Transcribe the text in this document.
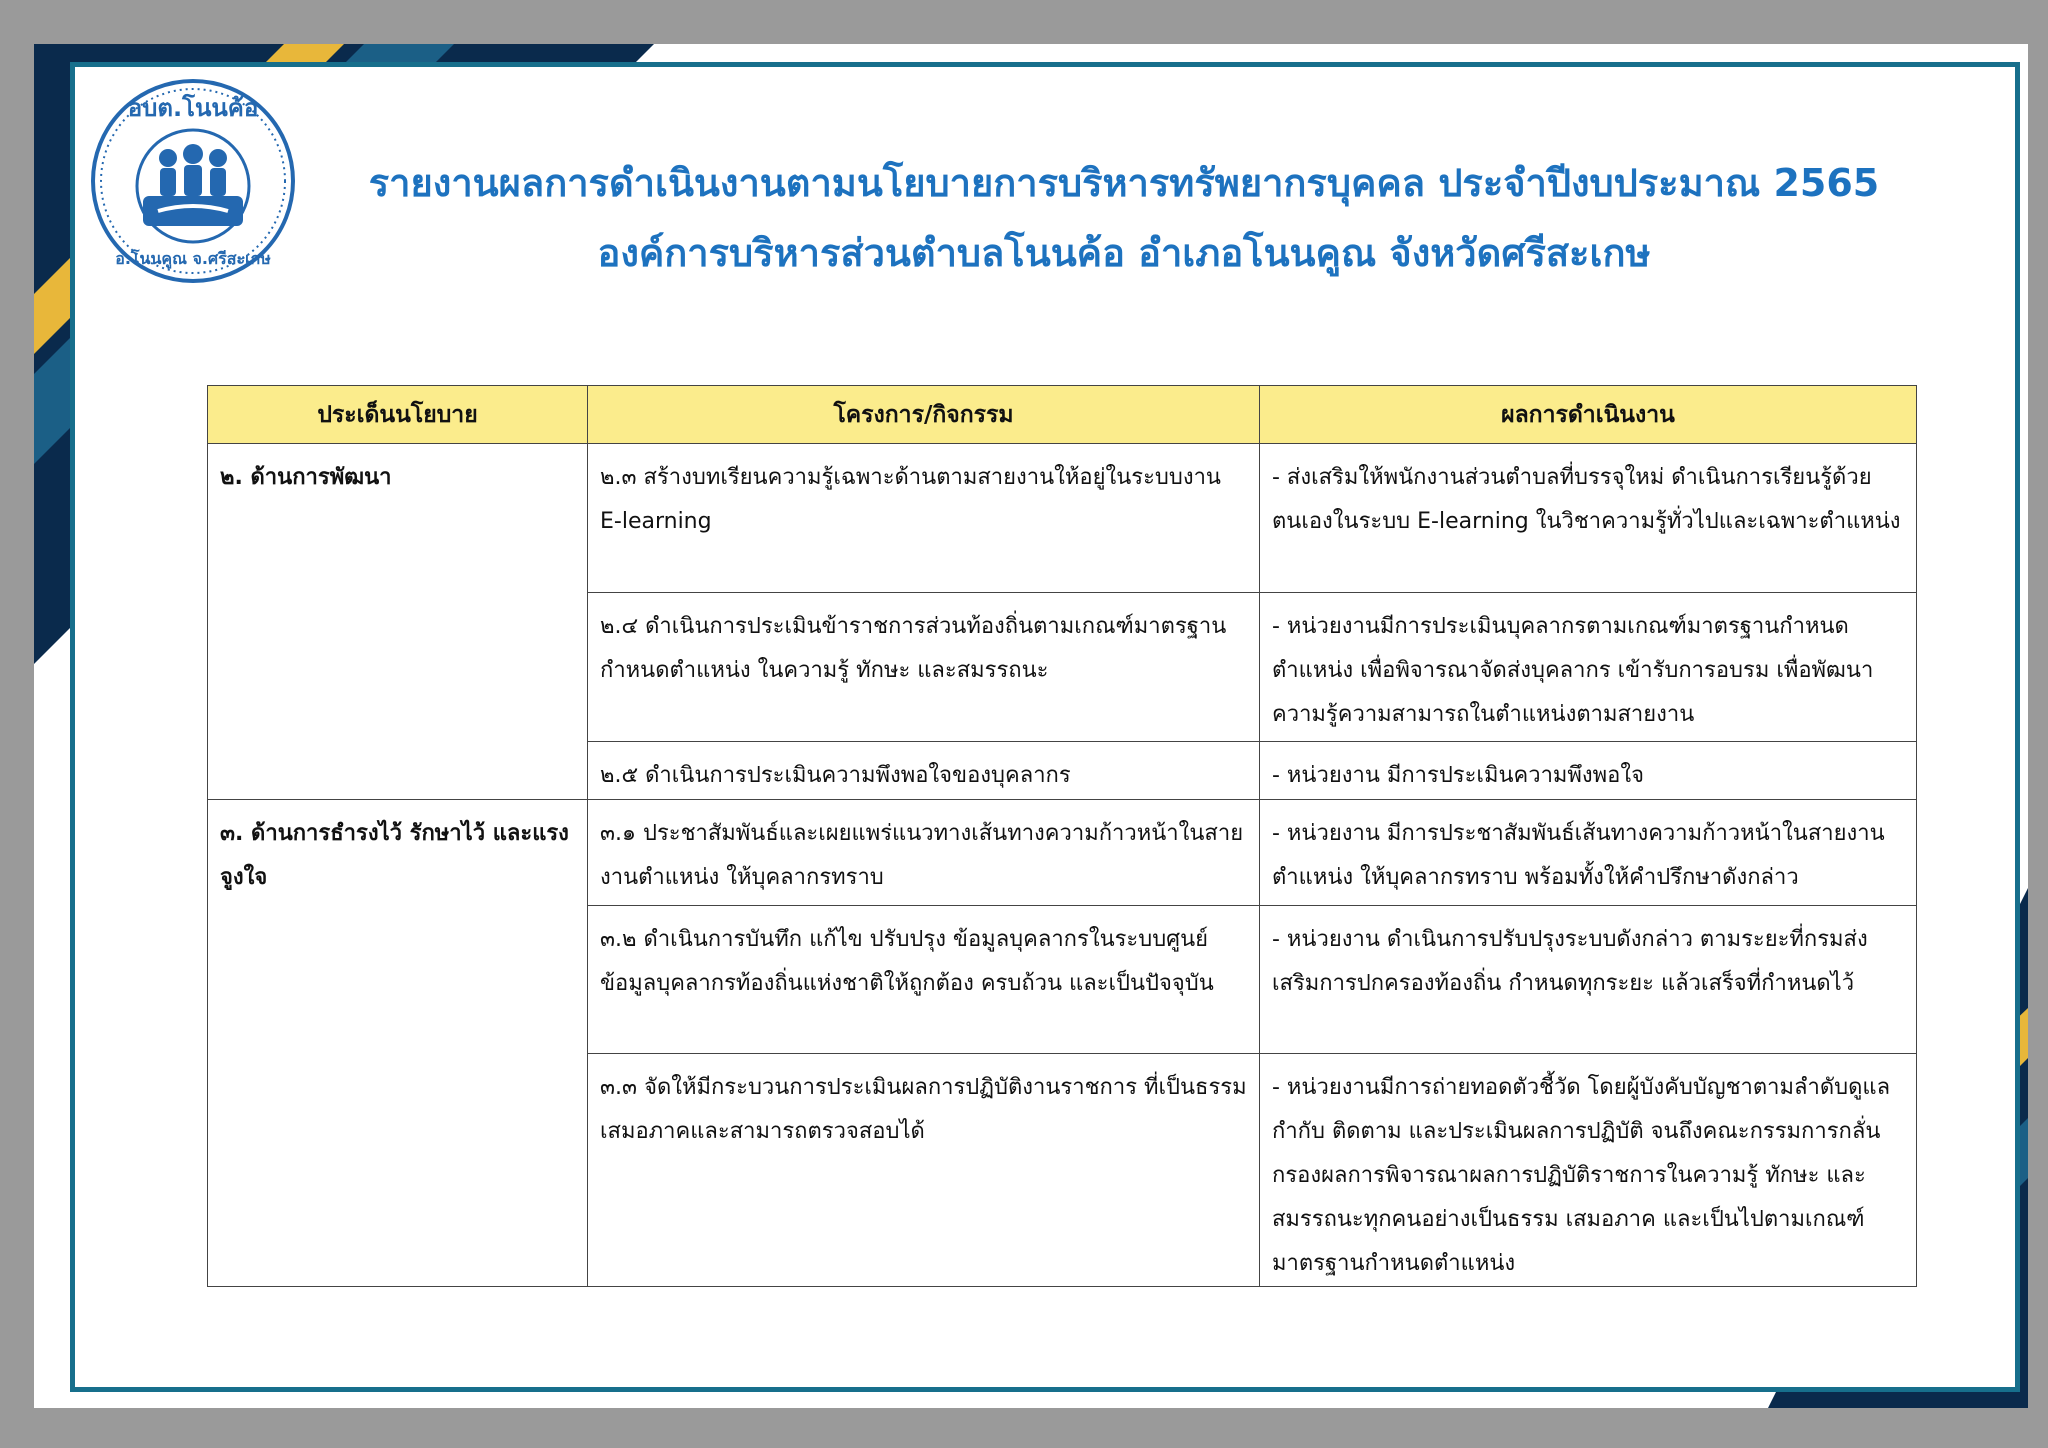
อบต.โนนค้อ
อ.โนนคูณ จ.ศรีสะเกษ
รายงานผลการดำเนินงานตามนโยบายการบริหารทรัพยากรบุคคล ประจำปีงบประมาณ 2565
องค์การบริหารส่วนตำบลโนนค้อ อำเภอโนนคูณ จังหวัดศรีสะเกษ
ประเด็นนโยบาย	โครงการ/กิจกรรม	ผลการดำเนินงาน
๒. ด้านการพัฒนา	๒.๓ สร้างบทเรียนความรู้เฉพาะด้านตามสายงานให้อยู่ในระบบงาน E-learning	- ส่งเสริมให้พนักงานส่วนตำบลที่บรรจุใหม่ ดำเนินการเรียนรู้ด้วยตนเองในระบบ E-learning ในวิชาความรู้ทั่วไปและเฉพาะตำแหน่ง
	๒.๔ ดำเนินการประเมินข้าราชการส่วนท้องถิ่นตามเกณฑ์มาตรฐานกำหนดตำแหน่ง ในความรู้ ทักษะ และสมรรถนะ	- หน่วยงานมีการประเมินบุคลากรตามเกณฑ์มาตรฐานกำหนดตำแหน่ง เพื่อพิจารณาจัดส่งบุคลากร เข้ารับการอบรม เพื่อพัฒนาความรู้ความสามารถในตำแหน่งตามสายงาน
	๒.๕ ดำเนินการประเมินความพึงพอใจของบุคลากร	- หน่วยงาน มีการประเมินความพึงพอใจ
๓. ด้านการธำรงไว้ รักษาไว้ และแรงจูงใจ	๓.๑ ประชาสัมพันธ์และเผยแพร่แนวทางเส้นทางความก้าวหน้าในสายงานตำแหน่ง ให้บุคลากรทราบ	- หน่วยงาน มีการประชาสัมพันธ์เส้นทางความก้าวหน้าในสายงานตำแหน่ง ให้บุคลากรทราบ พร้อมทั้งให้คำปรึกษาดังกล่าว
	๓.๒ ดำเนินการบันทึก แก้ไข ปรับปรุง ข้อมูลบุคลากรในระบบศูนย์ข้อมูลบุคลากรท้องถิ่นแห่งชาติให้ถูกต้อง ครบถ้วน และเป็นปัจจุบัน	- หน่วยงาน ดำเนินการปรับปรุงระบบดังกล่าว ตามระยะที่กรมส่งเสริมการปกครองท้องถิ่น กำหนดทุกระยะ แล้วเสร็จที่กำหนดไว้
	๓.๓ จัดให้มีกระบวนการประเมินผลการปฏิบัติงานราชการ ที่เป็นธรรมเสมอภาคและสามารถตรวจสอบได้	- หน่วยงานมีการถ่ายทอดตัวชี้วัด โดยผู้บังคับบัญชาตามลำดับดูแล กำกับ ติดตาม และประเมินผลการปฏิบัติ จนถึงคณะกรรมการกลั่นกรองผลการพิจารณาผลการปฏิบัติราชการในความรู้ ทักษะ และสมรรถนะทุกคนอย่างเป็นธรรม เสมอภาค และเป็นไปตามเกณฑ์มาตรฐานกำหนดตำแหน่ง
